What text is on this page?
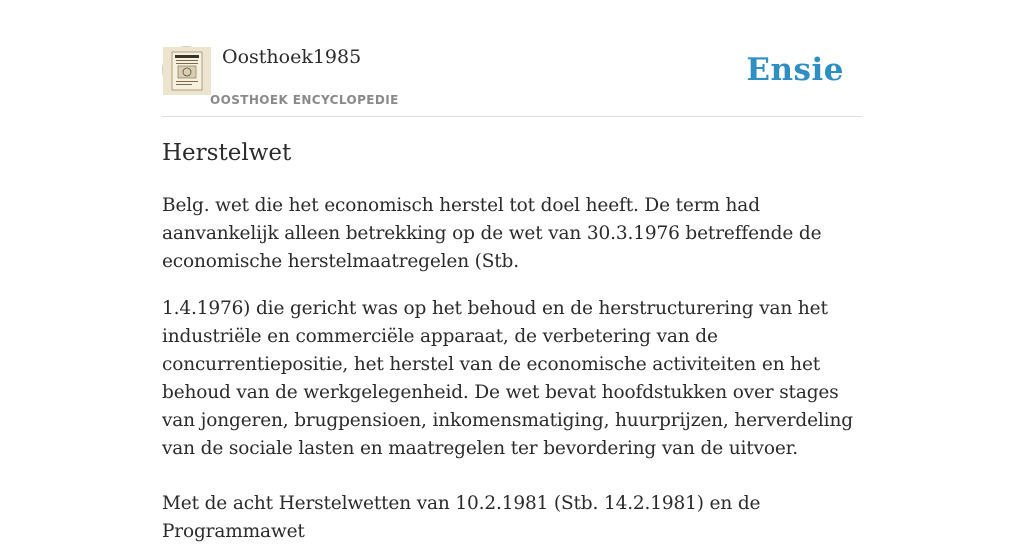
Oosthoek1985
OOSTHOEK ENCYCLOPEDIE
Ensie
Herstelwet

Belg. wet die het economisch herstel tot doel heeft. De term had aanvankelijk alleen betrekking op de wet van 30.3.1976 betreffende de economische herstelmaatregelen (Stb.

1.4.1976) die gericht was op het behoud en de herstructurering van het industriële en commerciële apparaat, de verbetering van de concurrentiepositie, het herstel van de economische activiteiten en het behoud van de werkgelegenheid. De wet bevat hoofdstukken over stages van jongeren, brugpensioen, inkomensmatiging, huurprijzen, herverdeling van de sociale lasten en maatregelen ter bevordering van de uitvoer.

Met de acht Herstelwetten van 10.2.1981 (Stb. 14.2.1981) en de Programmawet
